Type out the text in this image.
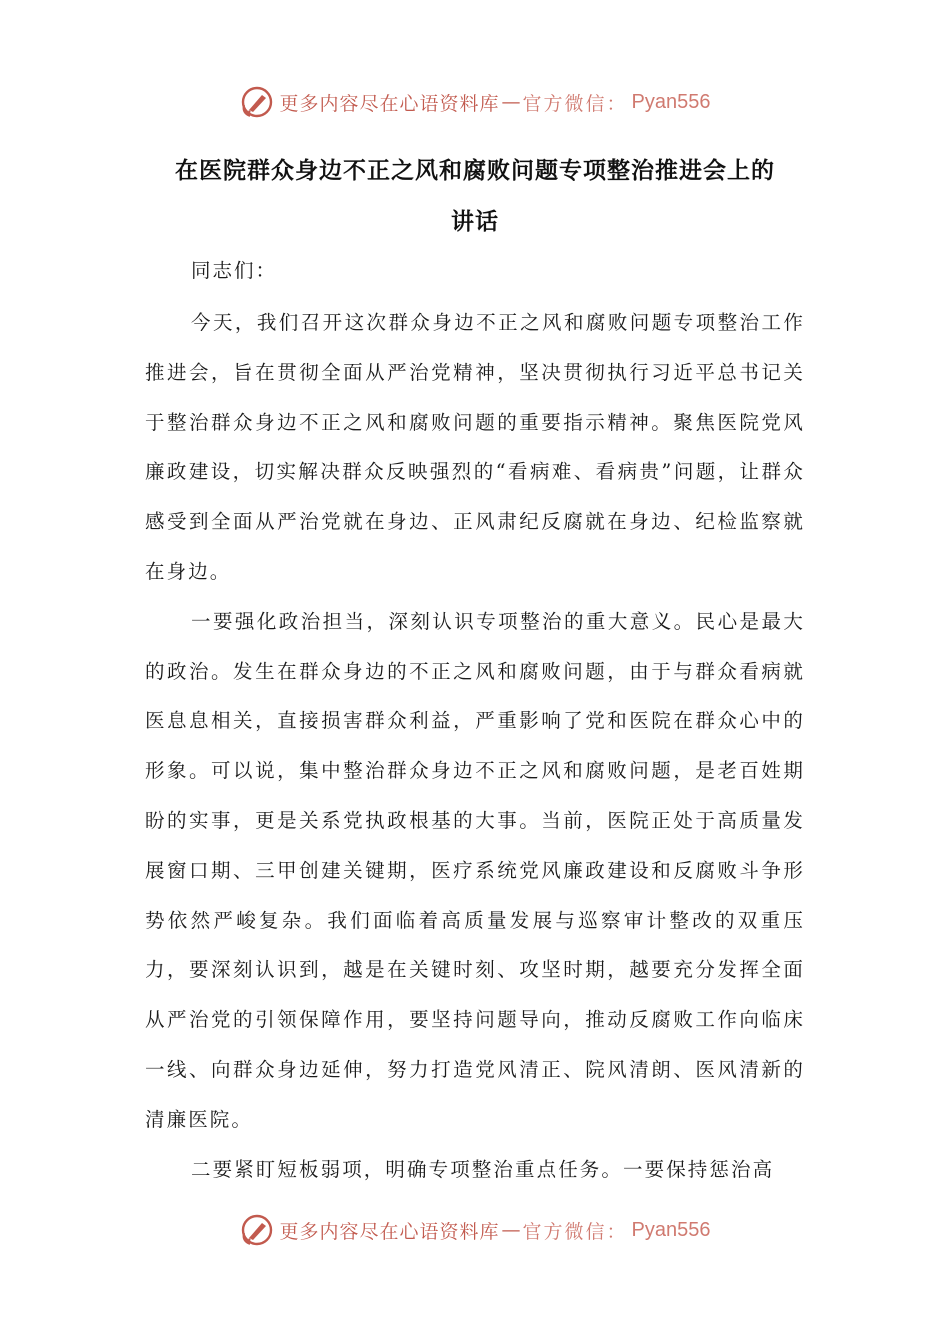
更多内容尽在心语资料库 — 官方微信： Pyan556
在医院群众身边不正之风和腐败问题专项整治推进会上的
讲话
同志们：

今天，我们召开这次群众身边不正之风和腐败问题专项整治工作推进会，旨在贯彻全面从严治党精神，坚决贯彻执行习近平总书记关于整治群众身边不正之风和腐败问题的重要指示精神。聚焦医院党风廉政建设，切实解决群众反映强烈的“看病难、看病贵”问题，让群众感受到全面从严治党就在身边、正风肃纪反腐就在身边、纪检监察就在身边。

一要强化政治担当，深刻认识专项整治的重大意义。民心是最大的政治。发生在群众身边的不正之风和腐败问题，由于与群众看病就医息息相关，直接损害群众利益，严重影响了党和医院在群众心中的形象。可以说，集中整治群众身边不正之风和腐败问题，是老百姓期盼的实事，更是关系党执政根基的大事。当前，医院正处于高质量发展窗口期、三甲创建关键期，医疗系统党风廉政建设和反腐败斗争形势依然严峻复杂。我们面临着高质量发展与巡察审计整改的双重压力，要深刻认识到，越是在关键时刻、攻坚时期，越要充分发挥全面从严治党的引领保障作用，要坚持问题导向，推动反腐败工作向临床一线、向群众身边延伸，努力打造党风清正、院风清朗、医风清新的清廉医院。

二要紧盯短板弱项，明确专项整治重点任务。一要保持惩治高

更多内容尽在心语资料库 — 官方微信： Pyan556
